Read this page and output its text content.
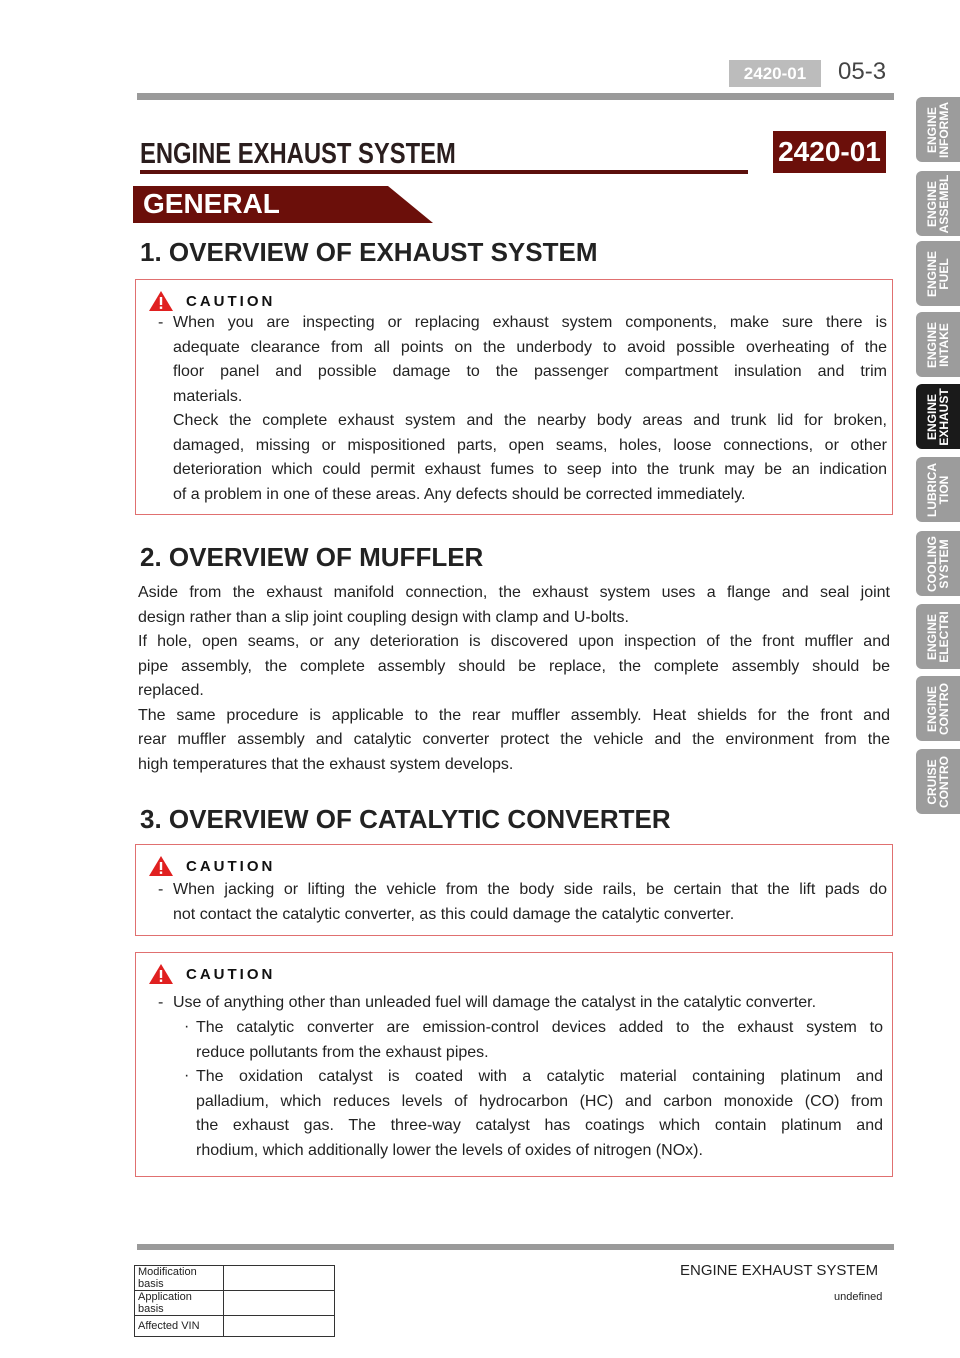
2420-01	05-3
ENGINE EXHAUST SYSTEM	2420-01
GENERAL
1. OVERVIEW OF EXHAUST SYSTEM
CAUTION
- When you are inspecting or replacing exhaust system components, make sure there is
adequate clearance from all points on the underbody to avoid possible overheating of the
floor panel and possible damage to the passenger compartment insulation and trim
materials.
Check the complete exhaust system and the nearby body areas and trunk lid for broken,
damaged, missing or mispositioned parts, open seams, holes, loose connections, or other
deterioration which could permit exhaust fumes to seep into the trunk may be an indication
of a problem in one of these areas. Any defects should be corrected immediately.
2. OVERVIEW OF MUFFLER
Aside from the exhaust manifold connection, the exhaust system uses a flange and seal joint
design rather than a slip joint coupling design with clamp and U-bolts.
If hole, open seams, or any deterioration is discovered upon inspection of the front muffler and
pipe assembly, the complete assembly should be replace, the complete assembly should be
replaced.
The same procedure is applicable to the rear muffler assembly. Heat shields for the front and
rear muffler assembly and catalytic converter protect the vehicle and the environment from the
high temperatures that the exhaust system develops.
3. OVERVIEW OF CATALYTIC CONVERTER
CAUTION
- When jacking or lifting the vehicle from the body side rails, be certain that the lift pads do
not contact the catalytic converter, as this could damage the catalytic converter.
CAUTION
- Use of anything other than unleaded fuel will damage the catalyst in the catalytic converter.
· The catalytic converter are emission-control devices added to the exhaust system to
reduce pollutants from the exhaust pipes.
· The oxidation catalyst is coated with a catalytic material containing platinum and
palladium, which reduces levels of hydrocarbon (HC) and carbon monoxide (CO) from
the exhaust gas. The three-way catalyst has coatings which contain platinum and
rhodium, which additionally lower the levels of oxides of nitrogen (NOx).
ENGINE EXHAUST SYSTEM
undefined
Modification basis	
Application basis	
Affected VIN	
ENGINE
INFORMA
ENGINE
ASSEMBL
ENGINE
FUEL
ENGINE
INTAKE
ENGINE
EXHAUST
LUBRICA
TION
COOLING
SYSTEM
ENGINE
ELECTRI
ENGINE
CONTRO
CRUISE
CONTRO
